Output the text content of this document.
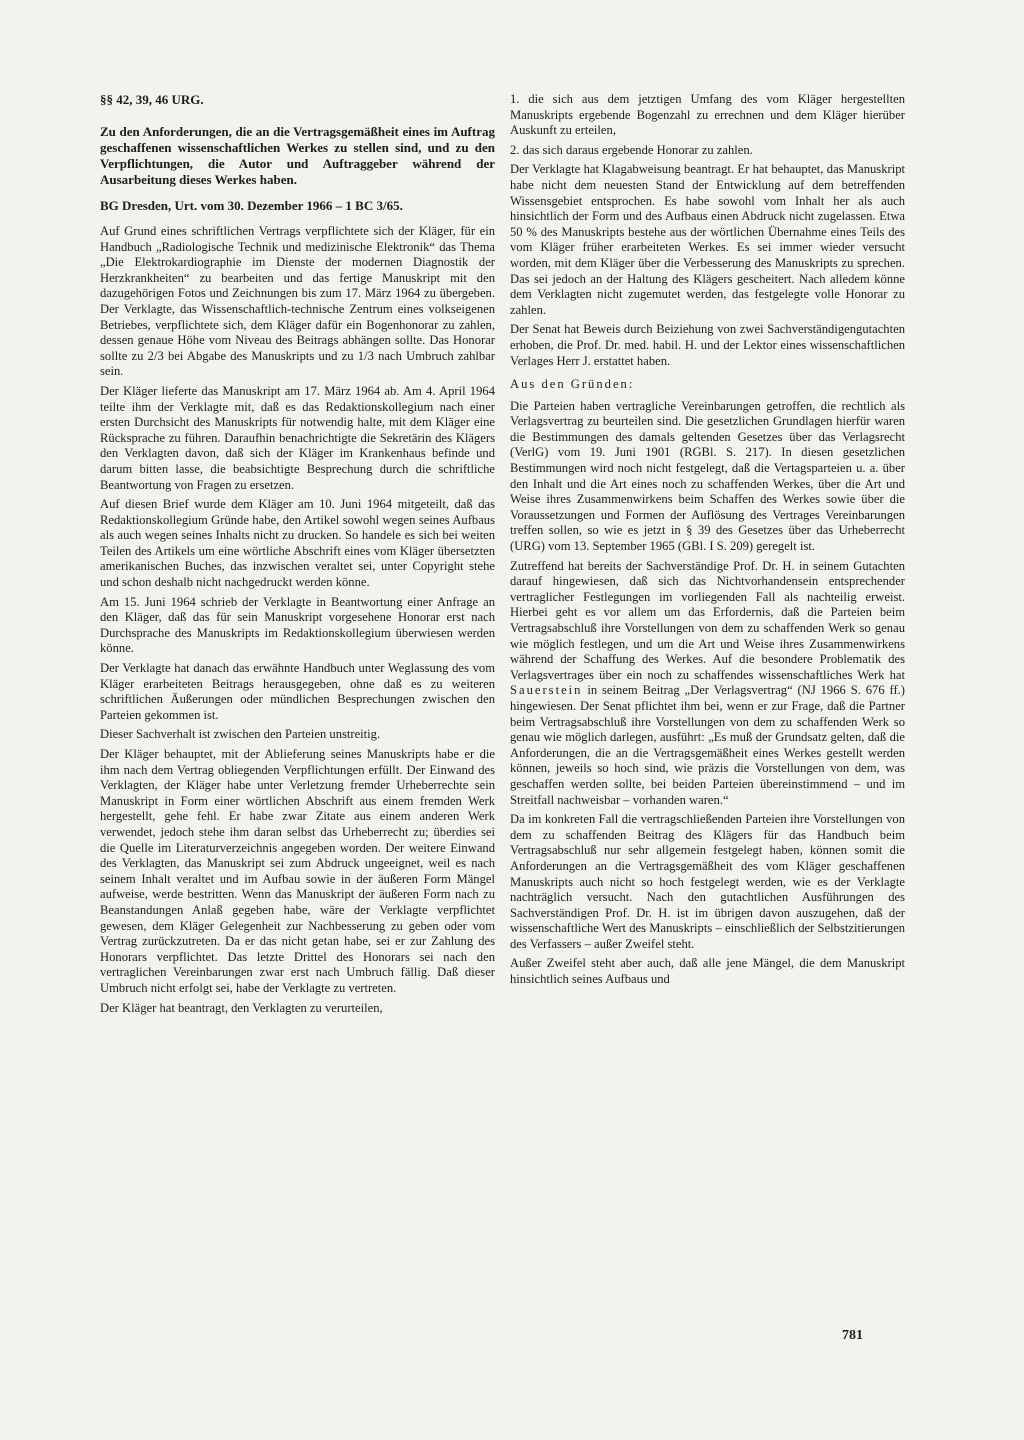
§§ 42, 39, 46 URG.

Zu den Anforderungen, die an die Vertragsgemäßheit eines im Auftrag geschaffenen wissenschaftlichen Werkes zu stellen sind, und zu den Verpflichtungen, die Autor und Auftraggeber während der Ausarbeitung dieses Werkes haben.

BG Dresden, Urt. vom 30. Dezember 1966 – 1 BC 3/65.

Auf Grund eines schriftlichen Vertrags verpflichtete sich der Kläger, für ein Handbuch „Radiologische Technik und medizinische Elektronik“ das Thema „Die Elektrokardiographie im Dienste der modernen Diagnostik der Herzkrankheiten“ zu bearbeiten und das fertige Manuskript mit den dazugehörigen Fotos und Zeichnungen bis zum 17. März 1964 zu übergeben. Der Verklagte, das Wissenschaftlich-technische Zentrum eines volkseigenen Betriebes, verpflichtete sich, dem Kläger dafür ein Bogenhonorar zu zahlen, dessen genaue Höhe vom Niveau des Beitrags abhängen sollte. Das Honorar sollte zu 2/3 bei Abgabe des Manuskripts und zu 1/3 nach Umbruch zahlbar sein.

Der Kläger lieferte das Manuskript am 17. März 1964 ab. Am 4. April 1964 teilte ihm der Verklagte mit, daß es das Redaktionskollegium nach einer ersten Durchsicht des Manuskripts für notwendig halte, mit dem Kläger eine Rücksprache zu führen. Daraufhin benachrichtigte die Sekretärin des Klägers den Verklagten davon, daß sich der Kläger im Krankenhaus befinde und darum bitten lasse, die beabsichtigte Besprechung durch die schriftliche Beantwortung von Fragen zu ersetzen.

Auf diesen Brief wurde dem Kläger am 10. Juni 1964 mitgeteilt, daß das Redaktionskollegium Gründe habe, den Artikel sowohl wegen seines Aufbaus als auch wegen seines Inhalts nicht zu drucken. So handele es sich bei weiten Teilen des Artikels um eine wörtliche Abschrift eines vom Kläger übersetzten amerikanischen Buches, das inzwischen veraltet sei, unter Copyright stehe und schon deshalb nicht nachgedruckt werden könne.

Am 15. Juni 1964 schrieb der Verklagte in Beantwortung einer Anfrage an den Kläger, daß das für sein Manuskript vorgesehene Honorar erst nach Durchsprache des Manuskripts im Redaktionskollegium überwiesen werden könne.

Der Verklagte hat danach das erwähnte Handbuch unter Weglassung des vom Kläger erarbeiteten Beitrags herausgegeben, ohne daß es zu weiteren schriftlichen Äußerungen oder mündlichen Besprechungen zwischen den Parteien gekommen ist.

Dieser Sachverhalt ist zwischen den Parteien unstreitig.

Der Kläger behauptet, mit der Ablieferung seines Manuskripts habe er die ihm nach dem Vertrag obliegenden Verpflichtungen erfüllt. Der Einwand des Verklagten, der Kläger habe unter Verletzung fremder Urheberrechte sein Manuskript in Form einer wörtlichen Abschrift aus einem fremden Werk hergestellt, gehe fehl. Er habe zwar Zitate aus einem anderen Werk verwendet, jedoch stehe ihm daran selbst das Urheberrecht zu; überdies sei die Quelle im Literaturverzeichnis angegeben worden. Der weitere Einwand des Verklagten, das Manuskript sei zum Abdruck ungeeignet, weil es nach seinem Inhalt veraltet und im Aufbau sowie in der äußeren Form Mängel aufweise, werde bestritten. Wenn das Manuskript der äußeren Form nach zu Beanstandungen Anlaß gegeben habe, wäre der Verklagte verpflichtet gewesen, dem Kläger Gelegenheit zur Nachbesserung zu geben oder vom Vertrag zurückzutreten. Da er das nicht getan habe, sei er zur Zahlung des Honorars verpflichtet. Das letzte Drittel des Honorars sei nach den vertraglichen Vereinbarungen zwar erst nach Umbruch fällig. Daß dieser Umbruch nicht erfolgt sei, habe der Verklagte zu vertreten.

Der Kläger hat beantragt, den Verklagten zu verurteilen,

1. die sich aus dem jetztigen Umfang des vom Kläger hergestellten Manuskripts ergebende Bogenzahl zu errechnen und dem Kläger hierüber Auskunft zu erteilen,

2. das sich daraus ergebende Honorar zu zahlen.

Der Verklagte hat Klagabweisung beantragt. Er hat behauptet, das Manuskript habe nicht dem neuesten Stand der Entwicklung auf dem betreffenden Wissensgebiet entsprochen. Es habe sowohl vom Inhalt her als auch hinsichtlich der Form und des Aufbaus einen Abdruck nicht zugelassen. Etwa 50 % des Manuskripts bestehe aus der wörtlichen Übernahme eines Teils des vom Kläger früher erarbeiteten Werkes. Es sei immer wieder versucht worden, mit dem Kläger über die Verbesserung des Manuskripts zu sprechen. Das sei jedoch an der Haltung des Klägers gescheitert. Nach alledem könne dem Verklagten nicht zugemutet werden, das festgelegte volle Honorar zu zahlen.

Der Senat hat Beweis durch Beiziehung von zwei Sachverständigengutachten erhoben, die Prof. Dr. med. habil. H. und der Lektor eines wissenschaftlichen Verlages Herr J. erstattet haben.

Aus den Gründen:

Die Parteien haben vertragliche Vereinbarungen getroffen, die rechtlich als Verlagsvertrag zu beurteilen sind. Die gesetzlichen Grundlagen hierfür waren die Bestimmungen des damals geltenden Gesetzes über das Verlagsrecht (VerlG) vom 19. Juni 1901 (RGBl. S. 217). In diesen gesetzlichen Bestimmungen wird noch nicht festgelegt, daß die Vertagsparteien u. a. über den Inhalt und die Art eines noch zu schaffenden Werkes, über die Art und Weise ihres Zusammenwirkens beim Schaffen des Werkes sowie über die Voraussetzungen und Formen der Auflösung des Vertrages Vereinbarungen treffen sollen, so wie es jetzt in § 39 des Gesetzes über das Urheberrecht (URG) vom 13. September 1965 (GBl. I S. 209) geregelt ist.

Zutreffend hat bereits der Sachverständige Prof. Dr. H. in seinem Gutachten darauf hingewiesen, daß sich das Nichtvorhandensein entsprechender vertraglicher Festlegungen im vorliegenden Fall als nachteilig erweist. Hierbei geht es vor allem um das Erfordernis, daß die Parteien beim Vertragsabschluß ihre Vorstellungen von dem zu schaffenden Werk so genau wie möglich festlegen, und um die Art und Weise ihres Zusammenwirkens während der Schaffung des Werkes. Auf die besondere Problematik des Verlagsvertrages über ein noch zu schaffendes wissenschaftliches Werk hat Sauerstein in seinem Beitrag „Der Verlagsvertrag“ (NJ 1966 S. 676 ff.) hingewiesen. Der Senat pflichtet ihm bei, wenn er zur Frage, daß die Partner beim Vertragsabschluß ihre Vorstellungen von dem zu schaffenden Werk so genau wie möglich darlegen, ausführt: „Es muß der Grundsatz gelten, daß die Anforderungen, die an die Vertragsgemäßheit eines Werkes gestellt werden können, jeweils so hoch sind, wie präzis die Vorstellungen von dem, was geschaffen werden sollte, bei beiden Parteien übereinstimmend – und im Streitfall nachweisbar – vorhanden waren.“

Da im konkreten Fall die vertragschließenden Parteien ihre Vorstellungen von dem zu schaffenden Beitrag des Klägers für das Handbuch beim Vertragsabschluß nur sehr allgemein festgelegt haben, können somit die Anforderungen an die Vertragsgemäßheit des vom Kläger geschaffenen Manuskripts auch nicht so hoch festgelegt werden, wie es der Verklagte nachträglich versucht. Nach den gutachtlichen Ausführungen des Sachverständigen Prof. Dr. H. ist im übrigen davon auszugehen, daß der wissenschaftliche Wert des Manuskripts – einschließlich der Selbstzitierungen des Verfassers – außer Zweifel steht.

Außer Zweifel steht aber auch, daß alle jene Mängel, die dem Manuskript hinsichtlich seines Aufbaus und

781
